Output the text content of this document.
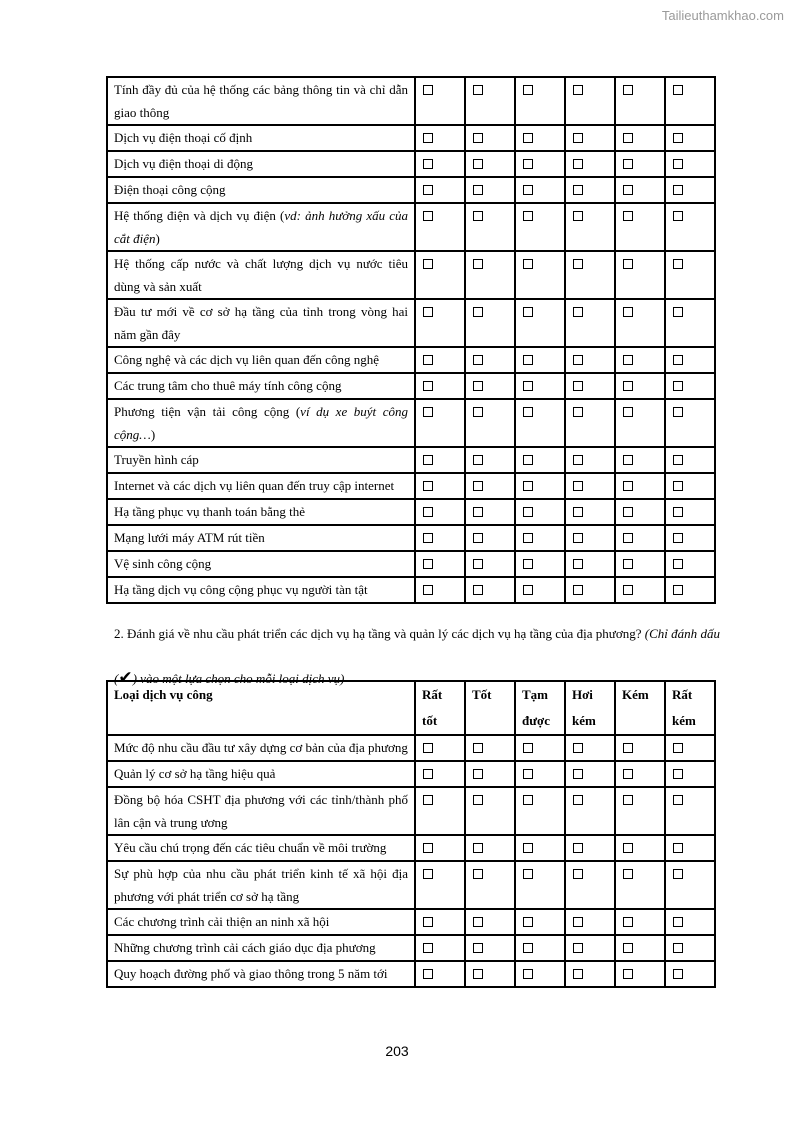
Tailieuthamkhao.com
Tính đầy đủ của hệ thống các bảng thông tin và chỉ dẫn giao thông						
Dịch vụ điện thoại cố định						
Dịch vụ điện thoại di động						
Điện thoại công cộng						
Hệ thống điện và dịch vụ điện (vd: ảnh hưởng xấu của cắt điện)						
Hệ thống cấp nước và chất lượng dịch vụ nước tiêu dùng và sản xuất						
Đầu tư mới về cơ sở hạ tầng của tỉnh trong vòng hai năm gần đây						
Công nghệ và các dịch vụ liên quan đến công nghệ						
Các trung tâm cho thuê máy tính công cộng						
Phương tiện vận tải công cộng (ví dụ xe buýt công cộng…)						
Truyền hình cáp						
Internet và các dịch vụ liên quan đến truy cập internet						
Hạ tầng phục vụ thanh toán bằng thẻ						
Mạng lưới máy ATM rút tiền						
Vệ sinh công cộng						
Hạ tầng dịch vụ công cộng phục vụ người tàn tật						
2. Đánh giá về nhu cầu phát triển các dịch vụ hạ tầng và quản lý các dịch vụ hạ tầng của địa phương? (Chỉ đánh dấu (✔) vào một lựa chọn cho mỗi loại dịch vụ)
Loại dịch vụ công	Rất tốt	Tốt	Tạm được	Hơi kém	Kém	Rất kém
Mức độ nhu cầu đầu tư xây dựng cơ bản của địa phương						
Quản lý cơ sở hạ tầng hiệu quả						
Đồng bộ hóa CSHT địa phương với các tỉnh/thành phố lân cận và trung ương						
Yêu cầu chú trọng đến các tiêu chuẩn về môi trường						
Sự phù hợp của nhu cầu phát triển kinh tế xã hội địa phương với phát triển cơ sở hạ tầng						
Các chương trình cải thiện an ninh xã hội						
Những chương trình cải cách giáo dục địa phương						
Quy hoạch đường phố và giao thông trong 5 năm tới						
203
